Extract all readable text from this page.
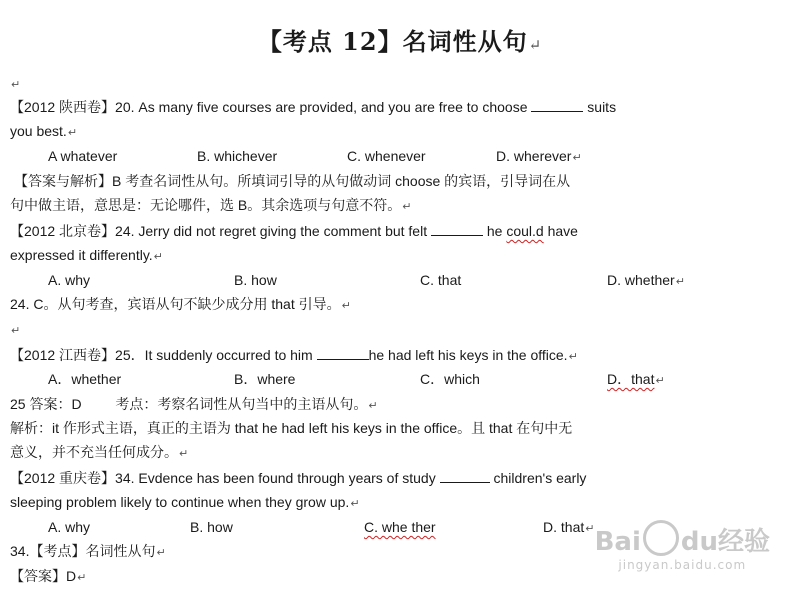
【考点 12】名词性从句↵
↵
【2012 陕西卷】20. As many five courses are provided, and you are free to choose	suits
you best.↵
A whatever	B. whichever	C. whenever	D. wherever↵
【答案与解析】B 考查名词性从句。所填词引导的从句做动词 choose 的宾语，引导词在从
句中做主语，意思是：无论哪件，选 B。其余选项与句意不符。↵
【2012 北京卷】24. Jerry did not regret giving the comment but felt	he coul.d have
expressed it differently.↵
A. why	B. how	C. that	D. whether↵
24. C。从句考查，宾语从句不缺少成分用 that 引导。↵
↵
【2012 江西卷】25．It suddenly occurred to him	he had left his keys in the office.↵
A．whether	B．where	C．which	D．that↵
25 答案：D 考点：考察名词性从句当中的主语从句。↵
解析：it 作形式主语，真正的主语为 that he had left his keys in the office。且 that 在句中无
意义，并不充当任何成分。↵
【2012 重庆卷】34. Evdence has been found through years of study	children's early
sleeping problem likely to continue when they grow up.↵
A. why	B. how	C. whe ther	D. that↵
34.【考点】名词性从句↵
【答案】D↵
Bai du经验
jingyan.baidu.com
